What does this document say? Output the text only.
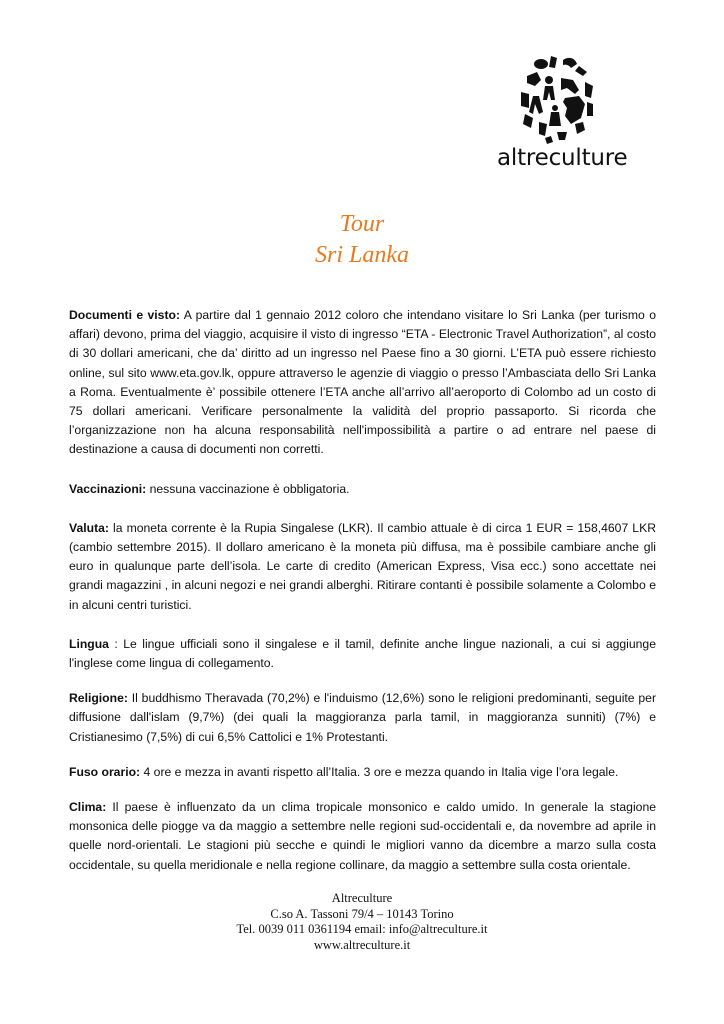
altreculture
Tour
Sri Lanka

Documenti e visto: A partire dal 1 gennaio 2012 coloro che intendano visitare lo Sri Lanka (per turismo o affari) devono, prima del viaggio, acquisire il visto di ingresso “ETA - Electronic Travel Authorization”, al costo di 30 dollari americani, che da’ diritto ad un ingresso nel Paese fino a 30 giorni. L’ETA può essere richiesto online, sul sito www.eta.gov.lk, oppure attraverso le agenzie di viaggio o presso l’Ambasciata dello Sri Lanka a Roma. Eventualmente è’ possibile ottenere l’ETA anche all’arrivo all’aeroporto di Colombo ad un costo di 75 dollari americani. Verificare personalmente la validità del proprio passaporto. Si ricorda che l’organizzazione non ha alcuna responsabilità nell'impossibilità a partire o ad entrare nel paese di destinazione a causa di documenti non corretti.

Vaccinazioni: nessuna vaccinazione è obbligatoria.

Valuta: la moneta corrente è la Rupia Singalese (LKR). Il cambio attuale è di circa 1 EUR = 158,4607 LKR (cambio settembre 2015). Il dollaro americano è la moneta più diffusa, ma è possibile cambiare anche gli euro in qualunque parte dell’isola. Le carte di credito (American Express, Visa ecc.) sono accettate nei grandi magazzini , in alcuni negozi e nei grandi alberghi. Ritirare contanti è possibile solamente a Colombo e in alcuni centri turistici.

Lingua : Le lingue ufficiali sono il singalese e il tamil, definite anche lingue nazionali, a cui si aggiunge l'inglese come lingua di collegamento.

Religione: Il buddhismo Theravada (70,2%) e l'induismo (12,6%) sono le religioni predominanti, seguite per diffusione dall'islam (9,7%) (dei quali la maggioranza parla tamil, in maggioranza sunniti) (7%) e Cristianesimo (7,5%) di cui 6,5% Cattolici e 1% Protestanti.

Fuso orario: 4 ore e mezza in avanti rispetto all’Italia. 3 ore e mezza quando in Italia vige l’ora legale.

Clima: Il paese è influenzato da un clima tropicale monsonico e caldo umido. In generale la stagione monsonica delle piogge va da maggio a settembre nelle regioni sud-occidentali e, da novembre ad aprile in quelle nord-orientali. Le stagioni più secche e quindi le migliori vanno da dicembre a marzo sulla costa occidentale, su quella meridionale e nella regione collinare, da maggio a settembre sulla costa orientale.

Altreculture
C.so A. Tassoni 79/4 – 10143 Torino
Tel. 0039 011 0361194 email: info@altreculture.it
www.altreculture.it
